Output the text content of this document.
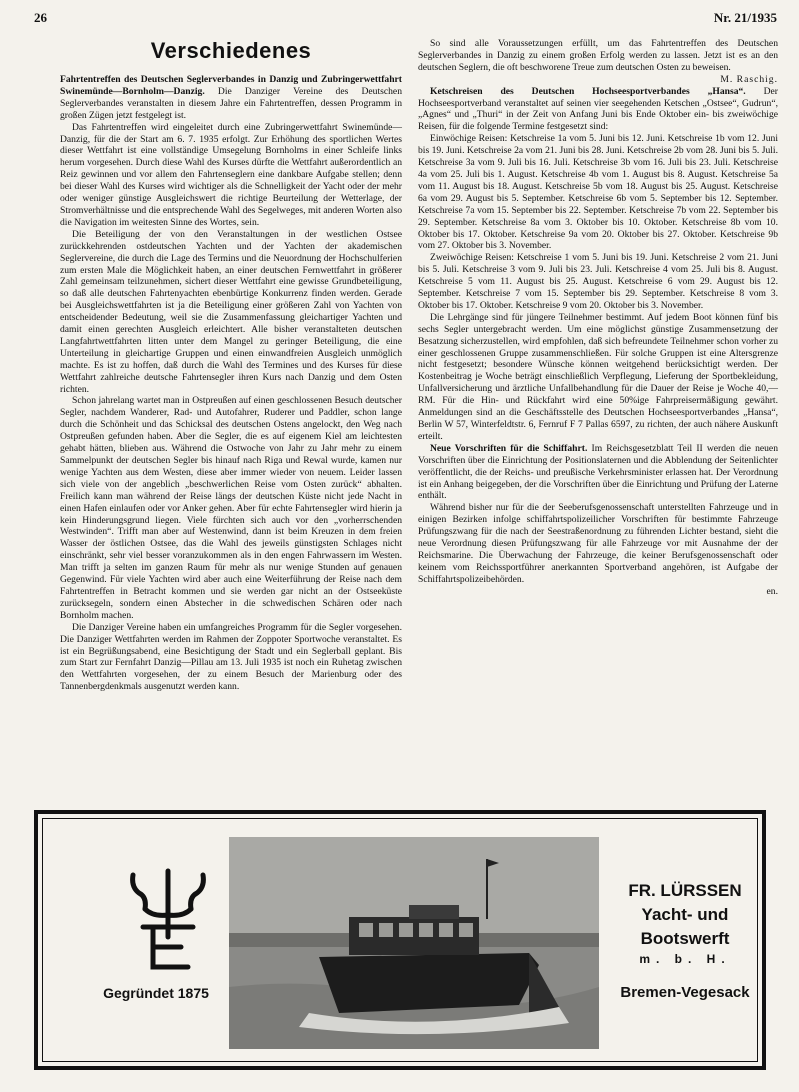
26	Nr. 21/1935
Verschiedenes

Fahrtentreffen des Deutschen Seglerverbandes in Danzig und Zubringerwettfahrt Swinemünde—Bornholm—Danzig. Die Danziger Vereine des Deutschen Seglerverbandes veranstalten in diesem Jahre ein Fahrtentreffen, dessen Programm in großen Zügen jetzt festgelegt ist.

Das Fahrtentreffen wird eingeleitet durch eine Zubringerwettfahrt Swinemünde—Danzig, für die der Start am 6. 7. 1935 erfolgt. Zur Erhöhung des sportlichen Wertes dieser Wettfahrt ist eine vollständige Umsegelung Bornholms in einer Schleife links herum vorgesehen. Durch diese Wahl des Kurses dürfte die Wettfahrt außerordentlich an Reiz gewinnen und vor allem den Fahrtenseglern eine dankbare Aufgabe stellen; denn bei dieser Wahl des Kurses wird wichtiger als die Schnelligkeit der Yacht oder der mehr oder weniger günstige Ausgleichswert die richtige Beurteilung der Wetterlage, der Stromverhältnisse und die entsprechende Wahl des Segelweges, mit anderen Worten also die Navigation im weitesten Sinne des Wortes, sein.

Die Beteiligung der von den Veranstaltungen in der westlichen Ostsee zurückkehrenden ostdeutschen Yachten und der Yachten der akademischen Seglervereine, die durch die Lage des Termins und die Neuordnung der Hochschulferien zum ersten Male die Möglichkeit haben, an einer deutschen Fernwettfahrt in größerer Zahl gemeinsam teilzunehmen, sichert dieser Wettfahrt eine gewisse Grundbeteiligung, so daß alle deutschen Fahrtenyachten ebenbürtige Konkurrenz finden werden. Gerade bei Ausgleichswettfahrten ist ja die Beteiligung einer größeren Zahl von Yachten von entscheidender Bedeutung, weil sie die Zusammenfassung gleichartiger Yachten und damit einen gerechten Ausgleich erleichtert. Alle bisher veranstalteten deutschen Langfahrtwettfahrten litten unter dem Mangel zu geringer Beteiligung, die eine Unterteilung in gleichartige Gruppen und einen einwandfreien Ausgleich unmöglich machte. Es ist zu hoffen, daß durch die Wahl des Termines und des Kurses für diese Wettfahrt zahlreiche deutsche Fahrtensegler ihren Kurs nach Danzig und dem Osten richten.

Schon jahrelang wartet man in Ostpreußen auf einen geschlossenen Besuch deutscher Segler, nachdem Wanderer, Rad- und Autofahrer, Ruderer und Paddler, schon lange durch die Schönheit und das Schicksal des deutschen Ostens angelockt, den Weg nach Ostpreußen gefunden haben. Aber die Segler, die es auf eigenem Kiel am leichtesten gehabt hätten, blieben aus. Während die Ostwoche von Jahr zu Jahr mehr zu einem Sammelpunkt der deutschen Segler bis hinauf nach Riga und Rewal wurde, kamen nur wenige Yachten aus dem Westen, diese aber immer wieder von neuem. Leider lassen sich viele von der angeblich „beschwerlichen Reise vom Osten zurück“ abhalten. Freilich kann man während der Reise längs der deutschen Küste nicht jede Nacht in einen Hafen einlaufen oder vor Anker gehen. Aber für echte Fahrtensegler wird hierin ja kein Hinderungsgrund liegen. Viele fürchten sich auch vor den „vorherrschenden Westwinden“. Trifft man aber auf Westenwind, dann ist beim Kreuzen in dem freien Wasser der östlichen Ostsee, das die Wahl des jeweils günstigsten Schlages nicht einschränkt, sehr viel besser voranzukommen als in den engen Fahrwassern im Westen. Man trifft ja selten im ganzen Raum für mehr als nur wenige Stunden auf genauen Gegenwind. Für viele Yachten wird aber auch eine Weiterführung der Reise nach dem Fahrtentreffen in Betracht kommen und sie werden gar nicht an der Ostseeküste zurücksegeln, sondern einen Abstecher in die schwedischen Schären oder nach Bornholm machen.

Die Danziger Vereine haben ein umfangreiches Programm für die Segler vorgesehen. Die Danziger Wettfahrten werden im Rahmen der Zoppoter Sportwoche veranstaltet. Es ist ein Begrüßungsabend, eine Besichtigung der Stadt und ein Seglerball geplant. Bis zum Start zur Fernfahrt Danzig—Pillau am 13. Juli 1935 ist noch ein Ruhetag zwischen den Wettfahrten vorgesehen, der zu einem Besuch der Marienburg oder des Tannenbergdenkmals ausgenutzt werden kann.

So sind alle Voraussetzungen erfüllt, um das Fahrtentreffen des Deutschen Seglerverbandes in Danzig zu einem großen Erfolg werden zu lassen. Jetzt ist es an den deutschen Seglern, die oft beschworene Treue zum deutschen Osten zu beweisen.

M. Raschig.

Ketschreisen des Deutschen Hochseesportverbandes „Hansa“. Der Hochseesportverband veranstaltet auf seinen vier seegehenden Ketschen „Ostsee“, Gudrun“, „Agnes“ und „Thuri“ in der Zeit von Anfang Juni bis Ende Oktober ein- bis zweiwöchige Reisen, für die folgende Termine festgesetzt sind:

Einwöchige Reisen: Ketschreise 1a vom 5. Juni bis 12. Juni. Ketschreise 1b vom 12. Juni bis 19. Juni. Ketschreise 2a vom 21. Juni bis 28. Juni. Ketschreise 2b vom 28. Juni bis 5. Juli. Ketschreise 3a vom 9. Juli bis 16. Juli. Ketschreise 3b vom 16. Juli bis 23. Juli. Ketschreise 4a vom 25. Juli bis 1. August. Ketschreise 4b vom 1. August bis 8. August. Ketschreise 5a vom 11. August bis 18. August. Ketschreise 5b vom 18. August bis 25. August. Ketschreise 6a vom 29. August bis 5. September. Ketschreise 6b vom 5. September bis 12. September. Ketschreise 7a vom 15. September bis 22. September. Ketschreise 7b vom 22. September bis 29. September. Ketschreise 8a vom 3. Oktober bis 10. Oktober. Ketschreise 8b vom 10. Oktober bis 17. Oktober. Ketschreise 9a vom 20. Oktober bis 27. Oktober. Ketschreise 9b vom 27. Oktober bis 3. November.

Zweiwöchige Reisen: Ketschreise 1 vom 5. Juni bis 19. Juni. Ketschreise 2 vom 21. Juni bis 5. Juli. Ketschreise 3 vom 9. Juli bis 23. Juli. Ketschreise 4 vom 25. Juli bis 8. August. Ketschreise 5 vom 11. August bis 25. August. Ketschreise 6 vom 29. August bis 12. September. Ketschreise 7 vom 15. September bis 29. September. Ketschreise 8 vom 3. Oktober bis 17. Oktober. Ketschreise 9 vom 20. Oktober bis 3. November.

Die Lehrgänge sind für jüngere Teilnehmer bestimmt. Auf jedem Boot können fünf bis sechs Segler untergebracht werden. Um eine möglichst günstige Zusammensetzung der Besatzung sicherzustellen, wird empfohlen, daß sich befreundete Teilnehmer schon vorher zu einer geschlossenen Gruppe zusammenschließen. Für solche Gruppen ist eine Altersgrenze nicht festgesetzt; besondere Wünsche können weitgehend berücksichtigt werden. Der Kostenbeitrag je Woche beträgt einschließlich Verpflegung, Lieferung der Sportbekleidung, Unfallversicherung und ärztliche Unfallbehandlung für die Dauer der Reise je Woche 40,— RM. Für die Hin- und Rückfahrt wird eine 50%ige Fahrpreisermäßigung gewährt. Anmeldungen sind an die Geschäftsstelle des Deutschen Hochseesportverbandes „Hansa“, Berlin W 57, Winterfeldtstr. 6, Fernruf F 7 Pallas 6597, zu richten, der auch nähere Auskunft erteilt.

Neue Vorschriften für die Schiffahrt. Im Reichsgesetzblatt Teil II werden die neuen Vorschriften über die Einrichtung der Positionslaternen und die Abblendung der Seitenlichter veröffentlicht, die der Reichs- und preußische Verkehrsminister erlassen hat. Der Verordnung ist ein Anhang beigegeben, der die Vorschriften über die Einrichtung und Prüfung der Laterne enthält.

Während bisher nur für die der Seeberufsgenossenschaft unterstellten Fahrzeuge und in einigen Bezirken infolge schiffahrtspolizeilicher Vorschriften für bestimmte Fahrzeuge Prüfungszwang für die nach der Seestraßenordnung zu führenden Lichter bestand, sieht die neue Verordnung diesen Prüfungszwang für alle Fahrzeuge vor mit Ausnahme der der Reichsmarine. Die Überwachung der Fahrzeuge, die keiner Berufsgenossenschaft oder keinem vom Reichssportführer anerkannten Sportverband angehören, ist Aufgabe der Schiffahrtspolizeibehörden.

en.
Gegründet 1875
FR. LÜRSSEN
Yacht- und
Bootswerft
m. b. H.
Bremen-Vegesack
